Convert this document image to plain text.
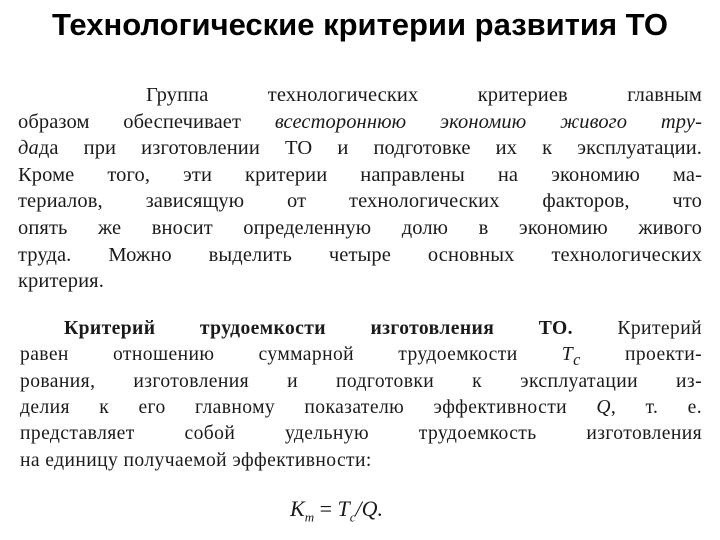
Технологические критерии развития ТО
Группа технологических критериев главным
образом обеспечивает всестороннюю экономию живого тру-
дада при изготовлении ТО и подготовке их к эксплуатации.
Кроме того, эти критерии направлены на экономию ма-
териалов, зависящую от технологических факторов, что
опять же вносит определенную долю в экономию живого
труда. Можно выделить четыре основных технологических
критерия.
Критерий трудоемкости изготовления ТО. Критерий
равен отношению суммарной трудоемкости $T_c$ проекти-
рования, изготовления и подготовки к эксплуатации из-
делия к его главному показателю эффективности Q, т. е.
представляет собой удельную трудоемкость изготовления
на единицу получаемой эффективности:
$K_т = T_c/Q$.
